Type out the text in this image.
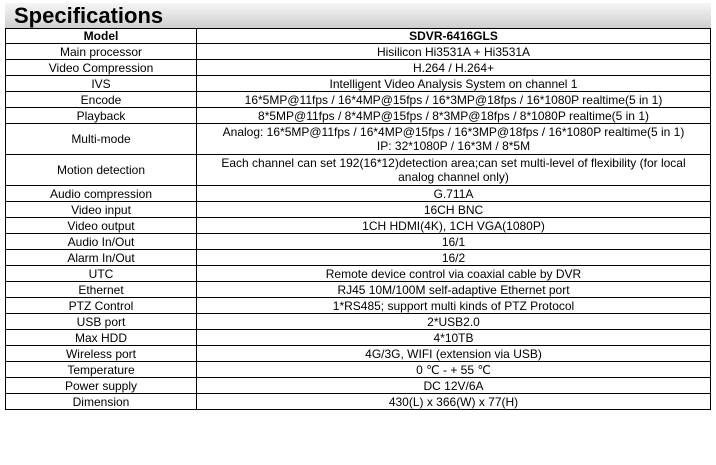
Specifications
Model	SDVR-6416GLS
Main processor	Hisilicon Hi3531A + Hi3531A
Video Compression	H.264 / H.264+
IVS	Intelligent Video Analysis System on channel 1
Encode	16*5MP@11fps / 16*4MP@15fps / 16*3MP@18fps / 16*1080P realtime(5 in 1)
Playback	8*5MP@11fps / 8*4MP@15fps / 8*3MP@18fps / 8*1080P realtime(5 in 1)
Multi-mode	Analog: 16*5MP@11fps / 16*4MP@15fps / 16*3MP@18fps / 16*1080P realtime(5 in 1)
IP: 32*1080P / 16*3M / 8*5M

Motion detection	Each channel can set 192(16*12)detection area;can set multi-level of flexibility (for local
analog channel only)

Audio compression	G.711A
Video input	16CH BNC
Video output	1CH HDMI(4K), 1CH VGA(1080P)
Audio In/Out	16/1
Alarm In/Out	16/2
UTC	Remote device control via coaxial cable by DVR
Ethernet	RJ45 10M/100M self-adaptive Ethernet port
PTZ Control	1*RS485; support multi kinds of PTZ Protocol
USB port	2*USB2.0
Max HDD	4*10TB
Wireless port	4G/3G, WIFI (extension via USB)
Temperature	0 ℃ - + 55 ℃
Power supply	DC 12V/6A
Dimension	430(L) x 366(W) x 77(H)
